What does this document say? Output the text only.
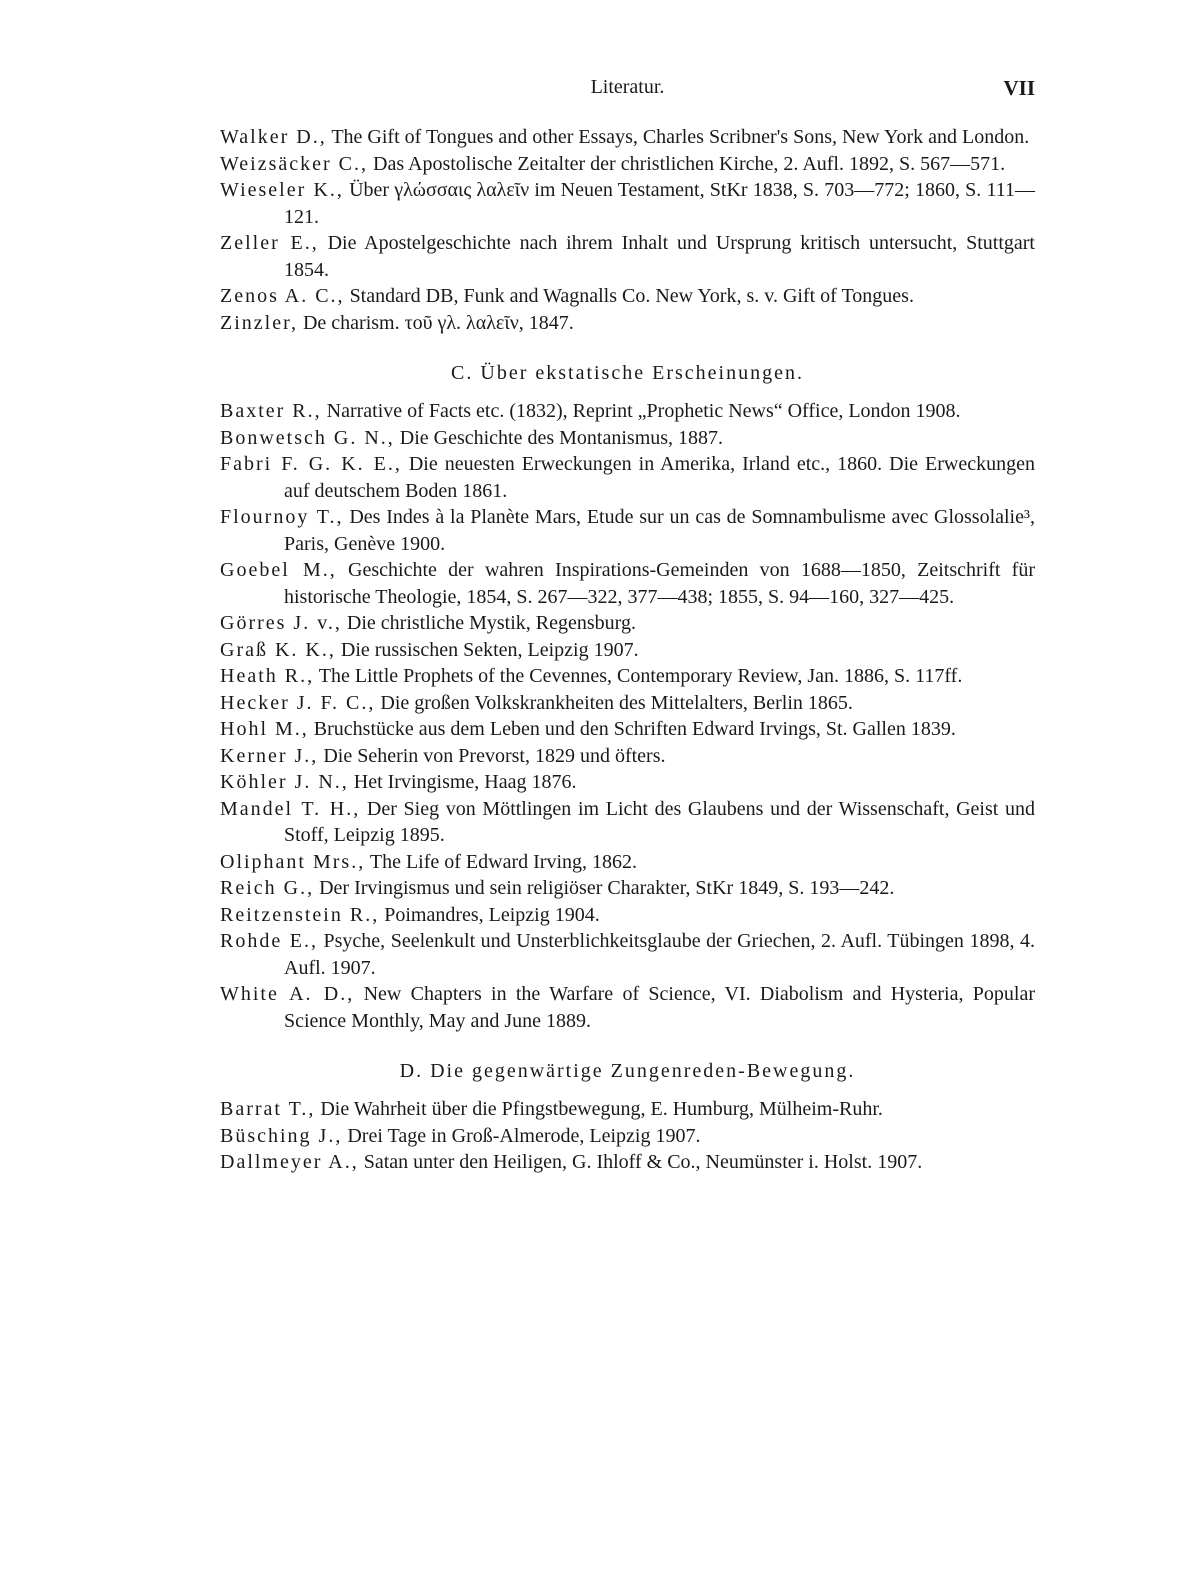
Literatur.	VII

Walker D., The Gift of Tongues and other Essays, Charles Scribner's Sons, New York and London.

Weizsäcker C., Das Apostolische Zeitalter der christlichen Kirche, 2. Aufl. 1892, S. 567—571.

Wieseler K., Über γλώσσαις λαλεῖν im Neuen Testament, StKr 1838, S. 703—772; 1860, S. 111—121.

Zeller E., Die Apostelgeschichte nach ihrem Inhalt und Ursprung kritisch untersucht, Stuttgart 1854.

Zenos A. C., Standard DB, Funk and Wagnalls Co. New York, s. v. Gift of Tongues.

Zinzler, De charism. τοῦ γλ. λαλεῖν, 1847.

C. Über ekstatische Erscheinungen.

Baxter R., Narrative of Facts etc. (1832), Reprint „Prophetic News“ Office, London 1908.

Bonwetsch G. N., Die Geschichte des Montanismus, 1887.

Fabri F. G. K. E., Die neuesten Erweckungen in Amerika, Irland etc., 1860. Die Erweckungen auf deutschem Boden 1861.

Flournoy T., Des Indes à la Planète Mars, Etude sur un cas de Somnambulisme avec Glossolalie³, Paris, Genève 1900.

Goebel M., Geschichte der wahren Inspirations-Gemeinden von 1688—1850, Zeitschrift für historische Theologie, 1854, S. 267—322, 377—438; 1855, S. 94—160, 327—425.

Görres J. v., Die christliche Mystik, Regensburg.

Graß K. K., Die russischen Sekten, Leipzig 1907.

Heath R., The Little Prophets of the Cevennes, Contemporary Review, Jan. 1886, S. 117ff.

Hecker J. F. C., Die großen Volkskrankheiten des Mittelalters, Berlin 1865.

Hohl M., Bruchstücke aus dem Leben und den Schriften Edward Irvings, St. Gallen 1839.

Kerner J., Die Seherin von Prevorst, 1829 und öfters.

Köhler J. N., Het Irvingisme, Haag 1876.

Mandel T. H., Der Sieg von Möttlingen im Licht des Glaubens und der Wissenschaft, Geist und Stoff, Leipzig 1895.

Oliphant Mrs., The Life of Edward Irving, 1862.

Reich G., Der Irvingismus und sein religiöser Charakter, StKr 1849, S. 193—242.

Reitzenstein R., Poimandres, Leipzig 1904.

Rohde E., Psyche, Seelenkult und Unsterblichkeitsglaube der Griechen, 2. Aufl. Tübingen 1898, 4. Aufl. 1907.

White A. D., New Chapters in the Warfare of Science, VI. Diabolism and Hysteria, Popular Science Monthly, May and June 1889.

D. Die gegenwärtige Zungenreden-Bewegung.

Barrat T., Die Wahrheit über die Pfingstbewegung, E. Humburg, Mülheim-Ruhr.

Büsching J., Drei Tage in Groß-Almerode, Leipzig 1907.

Dallmeyer A., Satan unter den Heiligen, G. Ihloff & Co., Neumünster i. Holst. 1907.
